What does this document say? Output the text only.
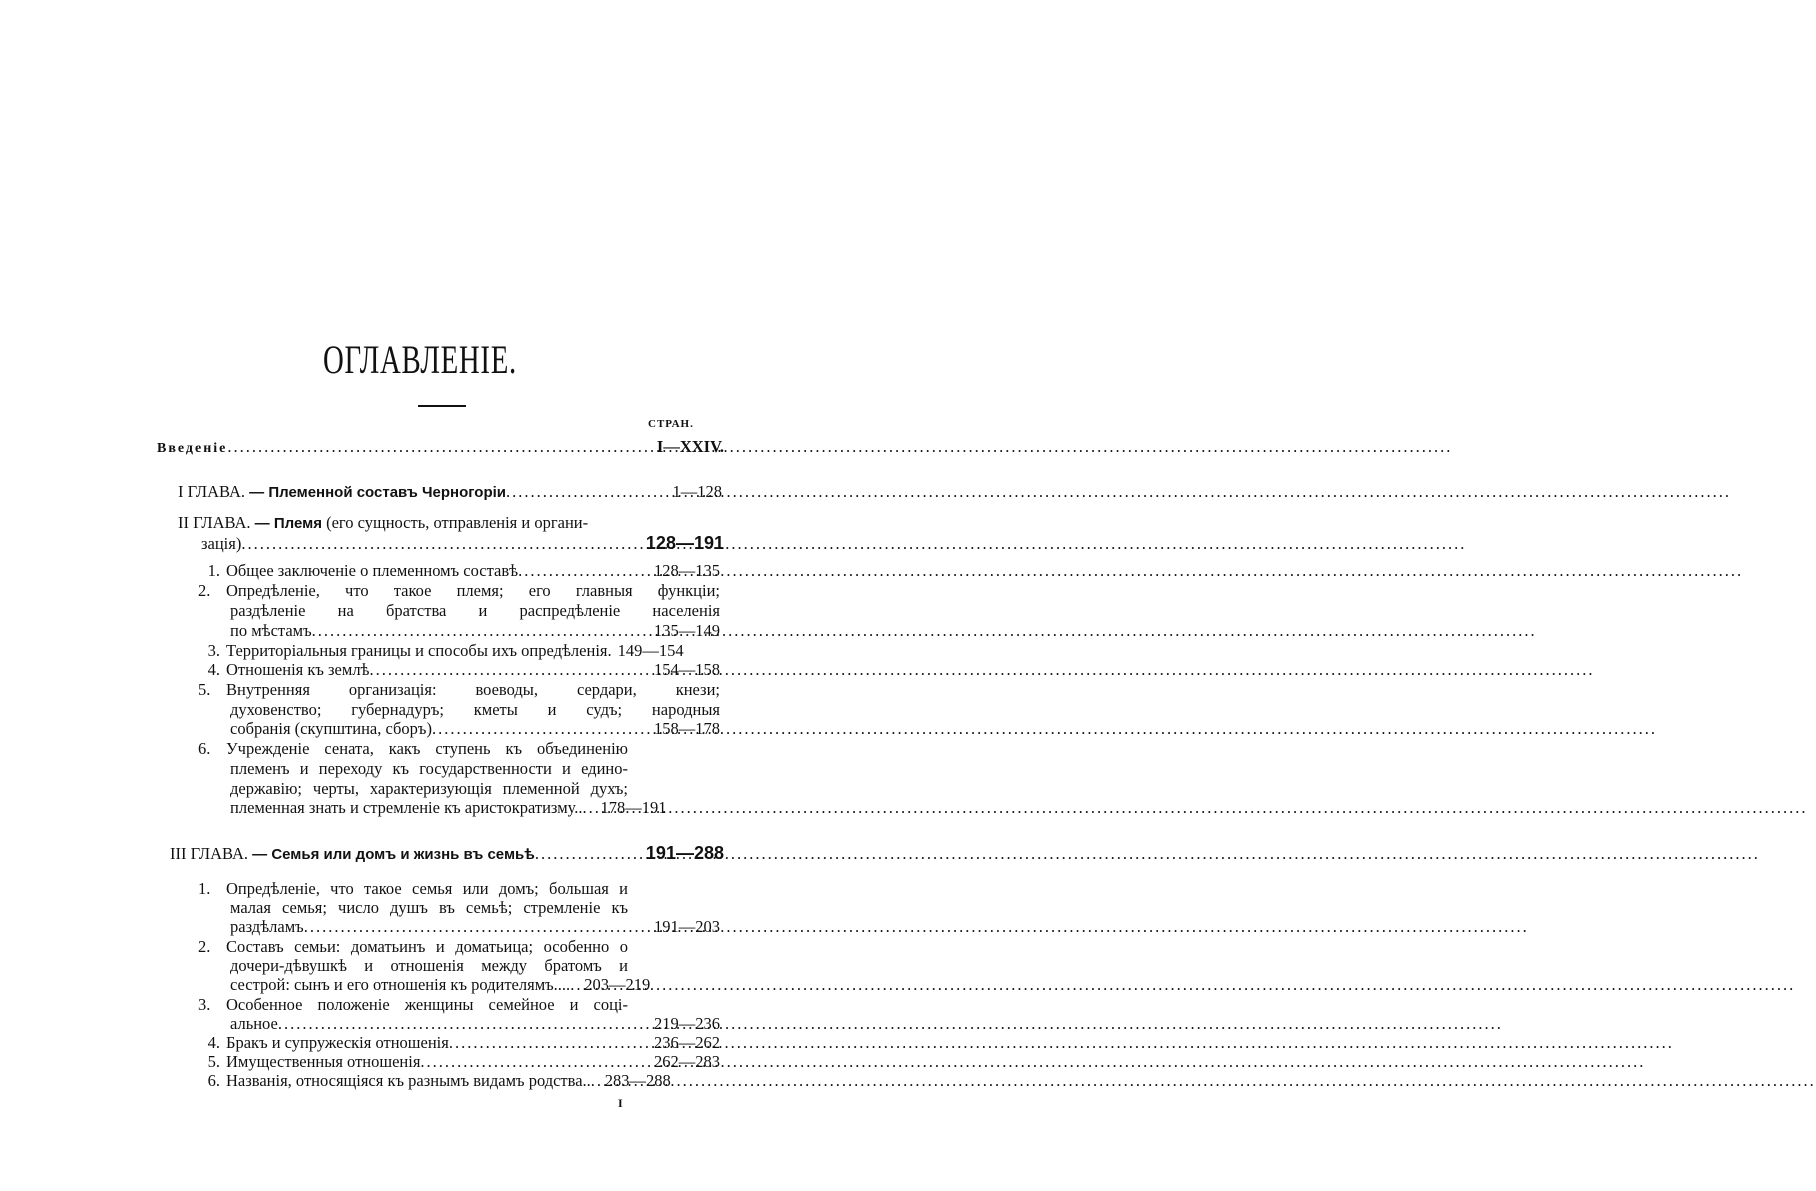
ОГЛАВЛЕНІЕ.
СТРАН.
Введеніе .....	I—XXIV.
I ГЛАВА. — Племенной составъ Черногоріи .....	1—128
II ГЛАВА. — Племя (его сущность, отправленія и органи-
зація) .....	128—191
1. Общее заключеніе о племенномъ составѣ .....	128—135
2. Опредѣленіе, что такое племя; его главныя функціи;
раздѣленіе на братства и распредѣленіе населенія
по мѣстамъ .....	135—149
3. Территоріальныя границы и способы ихъ опредѣленія. 149—154
4. Отношенія къ землѣ .....	154—158
5. Внутренняя организація: воеводы, сердари, кнези;
духовенство; губернадуръ; кметы и судъ; народныя
собранія (скупштина, сборъ) .....	158—178
6. Учрежденіе сената, какъ ступень къ объединенію
племенъ и переходу къ государственности и едино-
державію; черты, характеризующія племенной духъ;
племенная знать и стремленіе къ аристократизму.. .....	178—191
III ГЛАВА. — Семья или домъ и жизнь въ семьѣ .....	191—288
1. Опредѣленіе, что такое семья или домъ; большая и
малая семья; число душъ въ семьѣ; стремленіе къ
раздѣламъ .....	191—203
2. Составъ семьи: доматьинъ и доматьица; особенно о
дочери-дѣвушкѣ и отношенія между братомъ и
сестрой: сынъ и его отношенія къ родителямъ.... ..... 203—219
3. Особенное положеніе женщины семейное и соці-
альное .....	219—236
4. Бракъ и супружескія отношенія .....	236—262
5. Имущественныя отношенія .....	262—283
6. Названія, относящіяся къ разнымъ видамъ родства.. ..... 283—288
I
